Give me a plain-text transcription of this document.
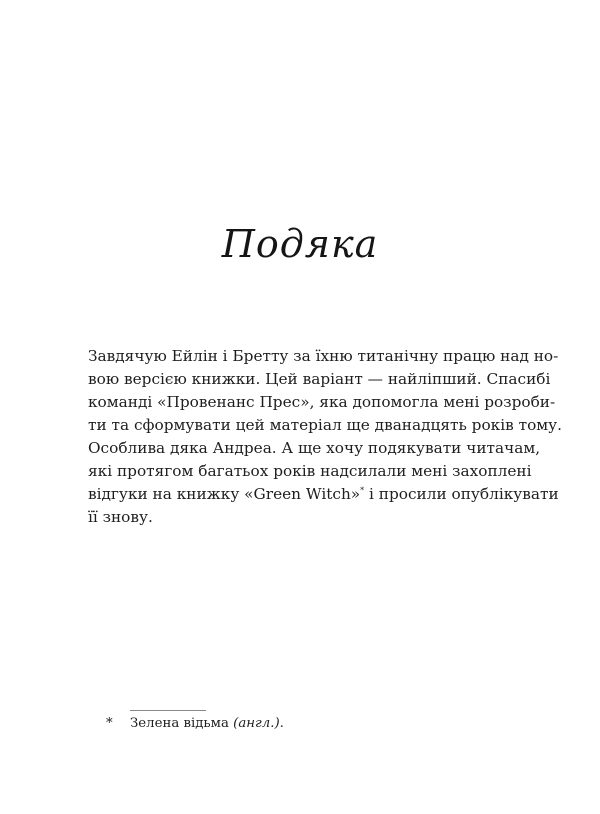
Подяка
Завдячую Ейлін і Бретту за їхню титанічну працю над но-
вою версією книжки. Цей варіант — найліпший. Спасибі
команді «Провенанс Прес», яка допомогла мені розроби-
ти та сформувати цей матеріал ще дванадцять років тому.
Особлива дяка Андреа. А ще хочу подякувати читачам,
які протягом багатьох років надсилали мені захоплені
відгуки на книжку «Green Witch»* і просили опублікувати
її знову.
* Зелена відьма (англ.).
